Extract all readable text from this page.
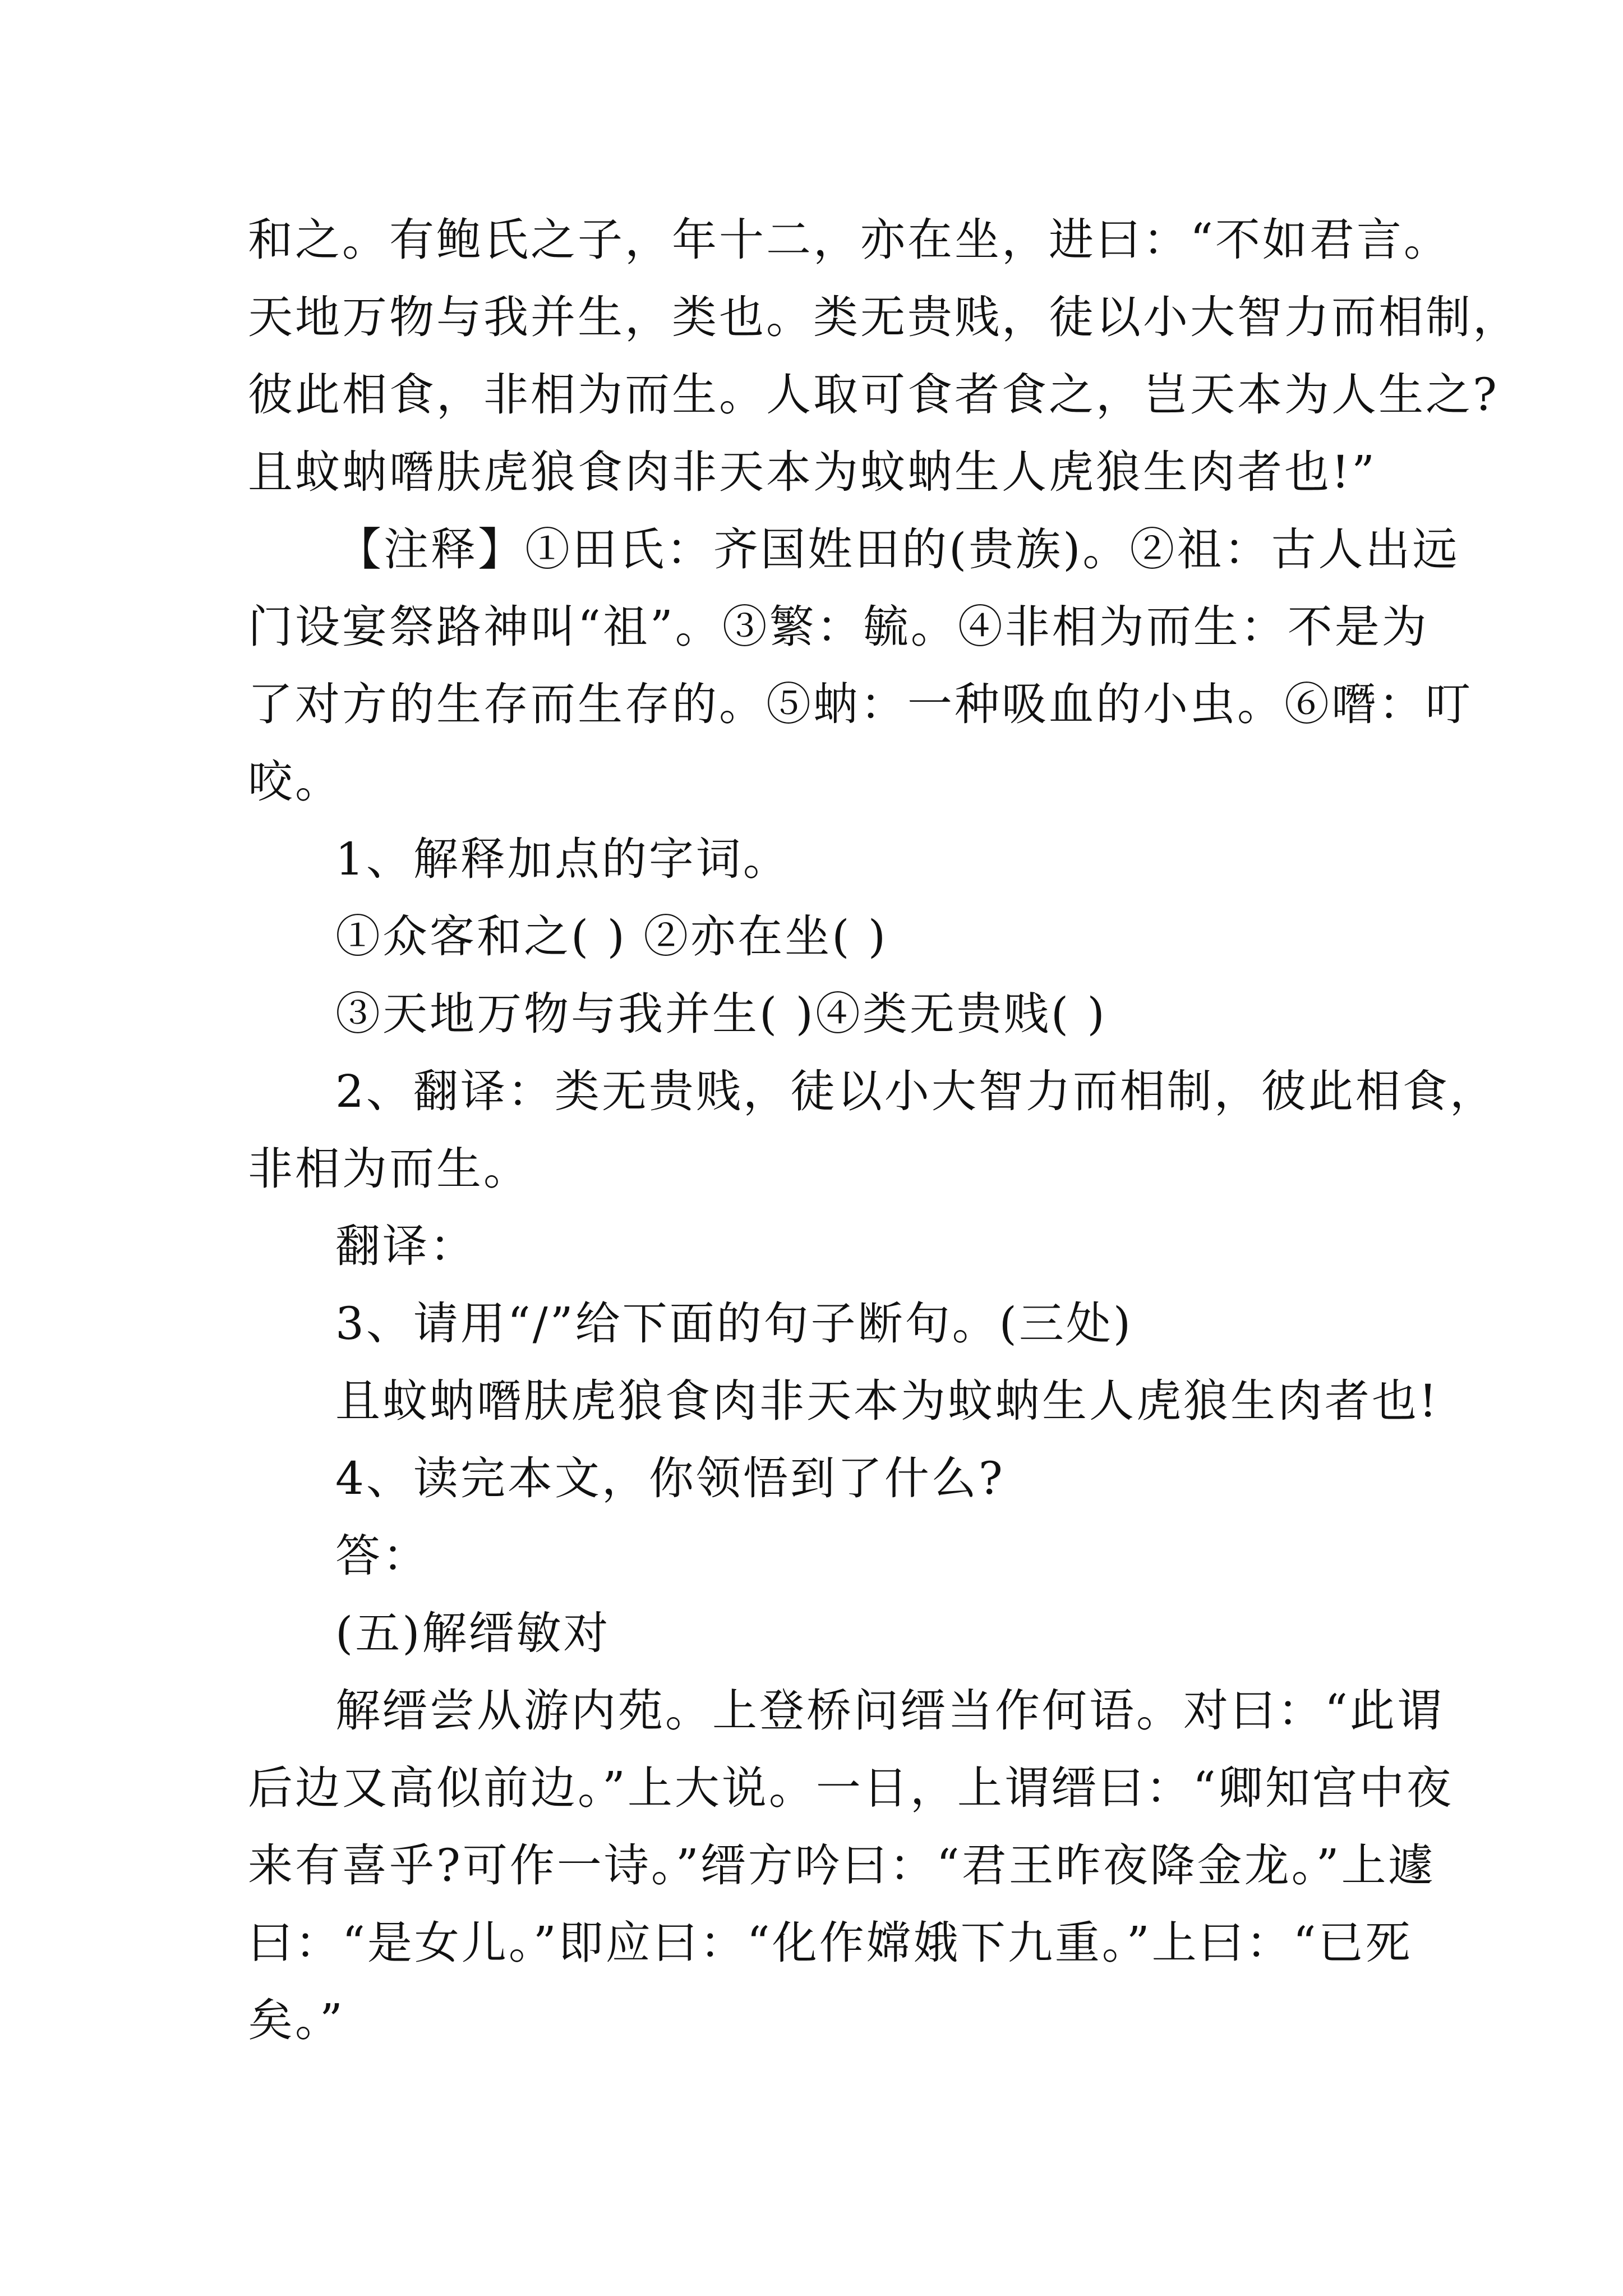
和之。有鲍氏之子，年十二，亦在坐，进曰：“不如君言。
天地万物与我并生，类也。类无贵贱，徒以小大智力而相制，
彼此相食，非相为而生。人取可食者食之，岂天本为人生之?
且蚊蚋噆肤虎狼食肉非天本为蚊蚋生人虎狼生肉者也!”
【注释】①田氏：齐国姓田的(贵族)。②祖：古人出远
门设宴祭路神叫“祖”。③繁：毓。④非相为而生：不是为
了对方的生存而生存的。⑤蚋：一种吸血的小虫。⑥噆：叮
咬。
1、解释加点的字词。
①众客和之( ) ②亦在坐( )
③天地万物与我并生( )④类无贵贱( )
2、翻译：类无贵贱，徒以小大智力而相制，彼此相食，
非相为而生。
翻译：
3、请用“/”给下面的句子断句。(三处)
且蚊蚋噆肤虎狼食肉非天本为蚊蚋生人虎狼生肉者也!
4、读完本文，你领悟到了什么?
答：
(五)解缙敏对
解缙尝从游内苑。上登桥问缙当作何语。对曰：“此谓
后边又高似前边。”上大说。一日，上谓缙曰：“卿知宫中夜
来有喜乎?可作一诗。”缙方吟曰：“君王昨夜降金龙。”上遽
曰：“是女儿。”即应曰：“化作嫦娥下九重。”上曰：“已死
矣。”
